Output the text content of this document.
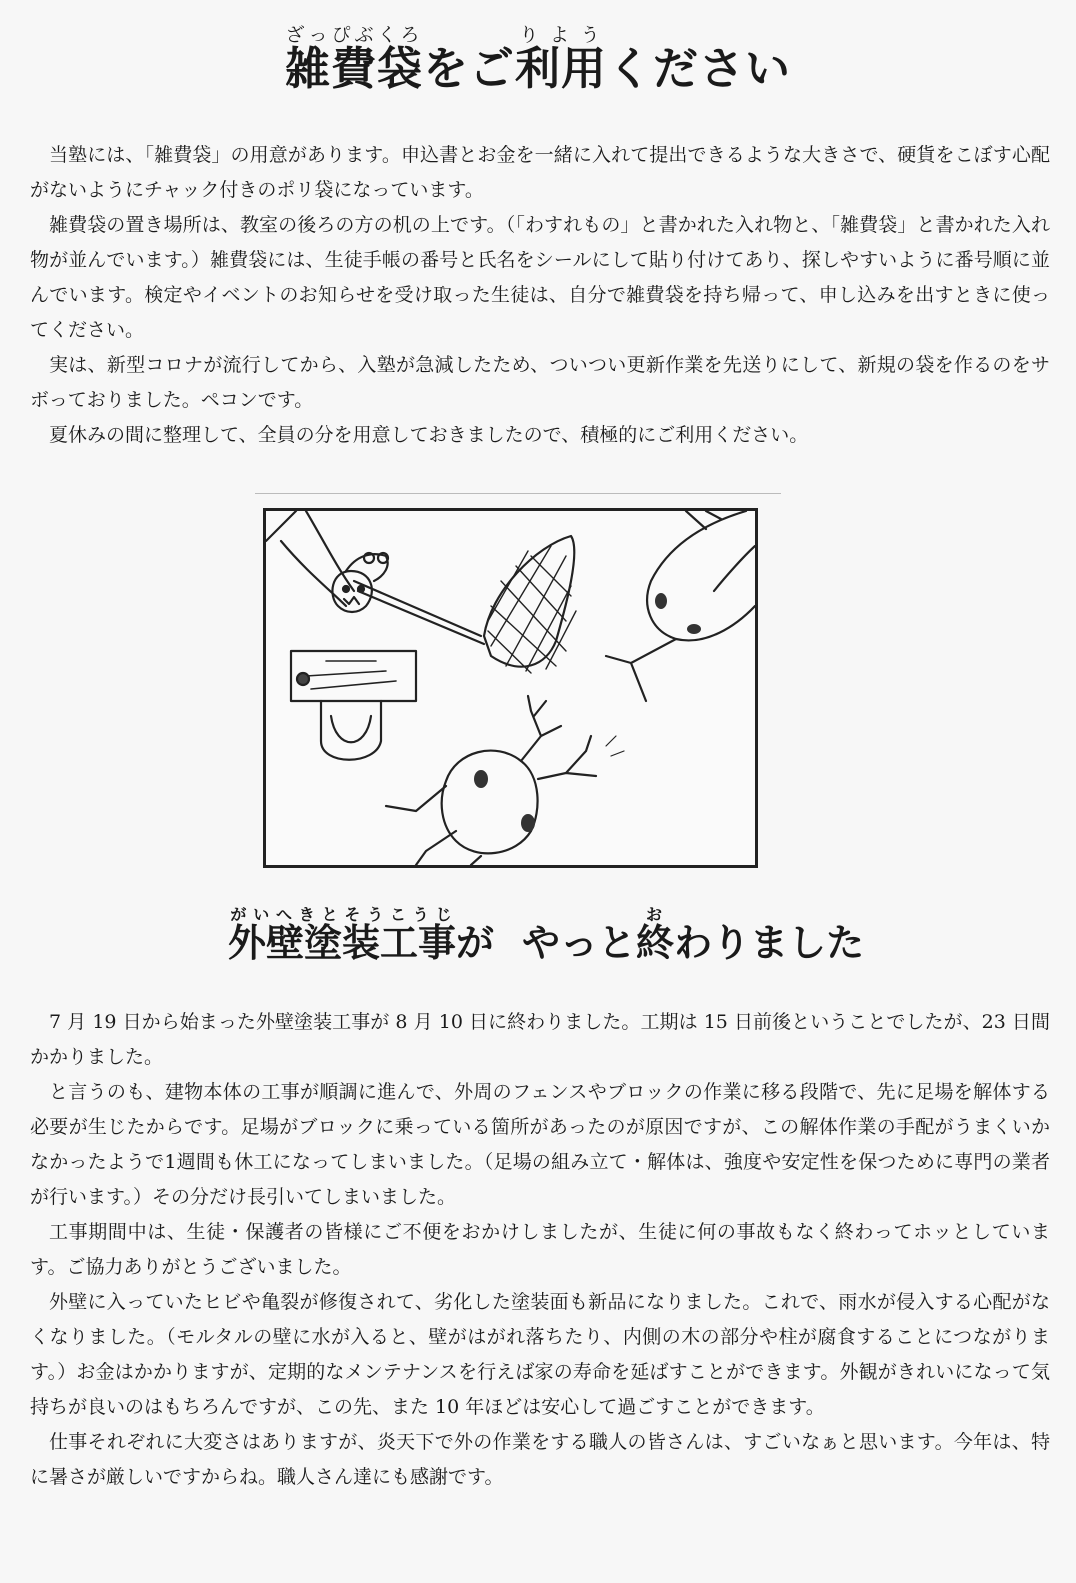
雑費袋ざっぴぶくろをご利用りようください

当塾には、「雑費袋」の用意があります。申込書とお金を一緒に入れて提出できるような大きさで、硬貨をこぼす心配がないようにチャック付きのポリ袋になっています。

雑費袋の置き場所は、教室の後ろの方の机の上です。（「わすれもの」と書かれた入れ物と、「雑費袋」と書かれた入れ物が並んでいます。）雑費袋には、生徒手帳の番号と氏名をシールにして貼り付けてあり、探しやすいように番号順に並んでいます。検定やイベントのお知らせを受け取った生徒は、自分で雑費袋を持ち帰って、申し込みを出すときに使ってください。

実は、新型コロナが流行してから、入塾が急減したため、ついつい更新作業を先送りにして、新規の袋を作るのをサボっておりました。ペコンです。

夏休みの間に整理して、全員の分を用意しておきましたので、積極的にご利用ください。

外壁塗装工事がいへきとそうこうじが やっと終おわりました

7 月 19 日から始まった外壁塗装工事が 8 月 10 日に終わりました。工期は 15 日前後ということでしたが、23 日間かかりました。

と言うのも、建物本体の工事が順調に進んで、外周のフェンスやブロックの作業に移る段階で、先に足場を解体する必要が生じたからです。足場がブロックに乗っている箇所があったのが原因ですが、この解体作業の手配がうまくいかなかったようで1週間も休工になってしまいました。（足場の組み立て・解体は、強度や安定性を保つために専門の業者が行います。）その分だけ長引いてしまいました。

工事期間中は、生徒・保護者の皆様にご不便をおかけしましたが、生徒に何の事故もなく終わってホッとしています。ご協力ありがとうございました。

外壁に入っていたヒビや亀裂が修復されて、劣化した塗装面も新品になりました。これで、雨水が侵入する心配がなくなりました。（モルタルの壁に水が入ると、壁がはがれ落ちたり、内側の木の部分や柱が腐食することにつながります。）お金はかかりますが、定期的なメンテナンスを行えば家の寿命を延ばすことができます。外観がきれいになって気持ちが良いのはもちろんですが、この先、また 10 年ほどは安心して過ごすことができます。

仕事それぞれに大変さはありますが、炎天下で外の作業をする職人の皆さんは、すごいなぁと思います。今年は、特に暑さが厳しいですからね。職人さん達にも感謝です。
